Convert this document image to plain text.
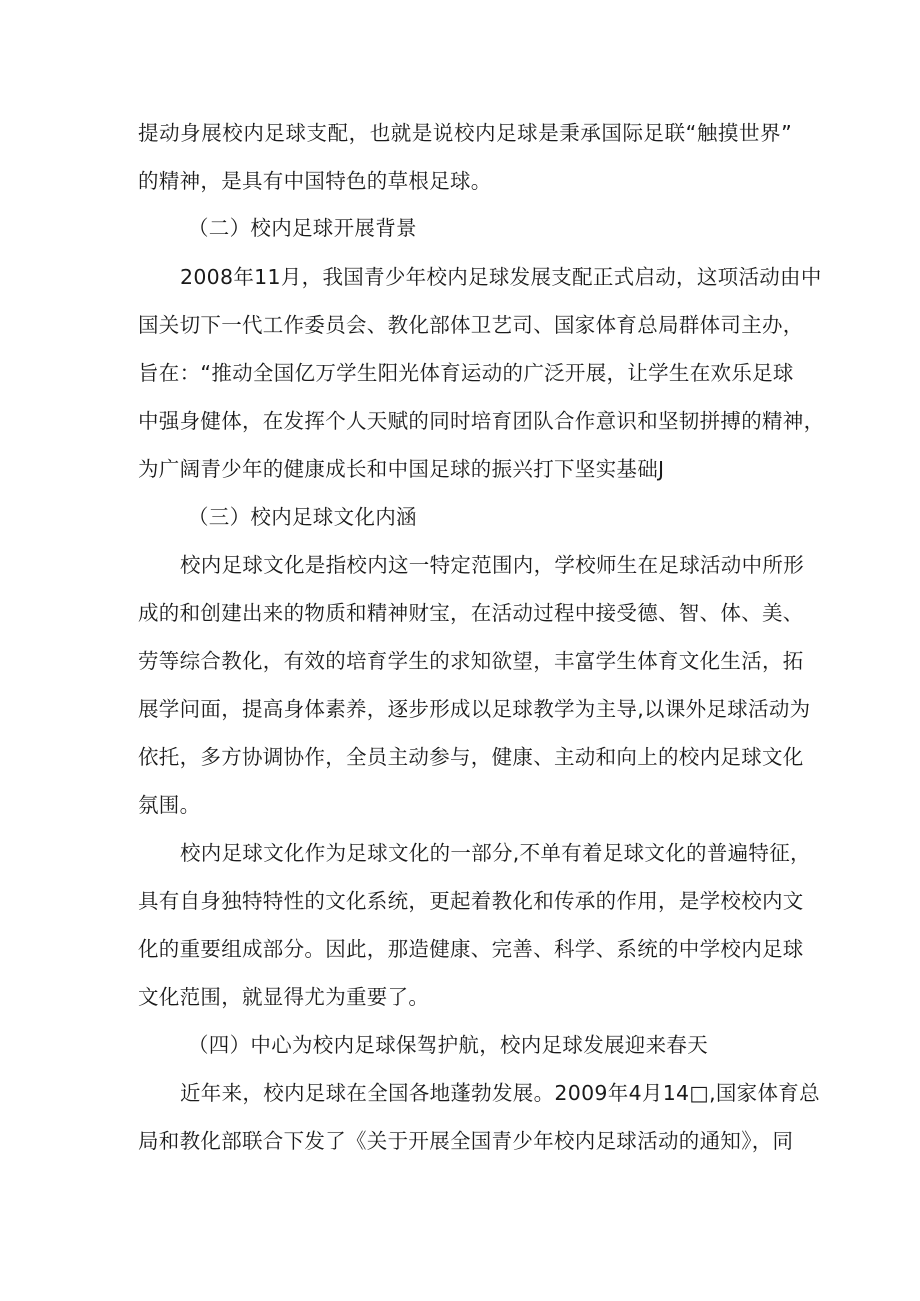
提动身展校内足球支配，也就是说校内足球是秉承国际足联“触摸世界”

的精神，是具有中国特色的草根足球。

（二）校内足球开展背景

2008年11月，我国青少年校内足球发展支配正式启动，这项活动由中

国关切下一代工作委员会、教化部体卫艺司、国家体育总局群体司主办，

旨在：“推动全国亿万学生阳光体育运动的广泛开展，让学生在欢乐足球

中强身健体，在发挥个人天赋的同时培育团队合作意识和坚韧拼搏的精神，

为广阔青少年的健康成长和中国足球的振兴打下坚实基础J

（三）校内足球文化内涵

校内足球文化是指校内这一特定范围内，学校师生在足球活动中所形

成的和创建出来的物质和精神财宝，在活动过程中接受德、智、体、美、

劳等综合教化，有效的培育学生的求知欲望，丰富学生体育文化生活，拓

展学问面，提高身体素养，逐步形成以足球教学为主导,以课外足球活动为

依托，多方协调协作，全员主动参与，健康、主动和向上的校内足球文化

氛围。

校内足球文化作为足球文化的一部分,不单有着足球文化的普遍特征，

具有自身独特特性的文化系统，更起着教化和传承的作用，是学校校内文

化的重要组成部分。因此，那造健康、完善、科学、系统的中学校内足球

文化范围，就显得尤为重要了。

（四）中心为校内足球保驾护航，校内足球发展迎来春天

近年来，校内足球在全国各地蓬勃发展。2009年4月14□,国家体育总

局和教化部联合下发了《关于开展全国青少年校内足球活动的通知》，同
